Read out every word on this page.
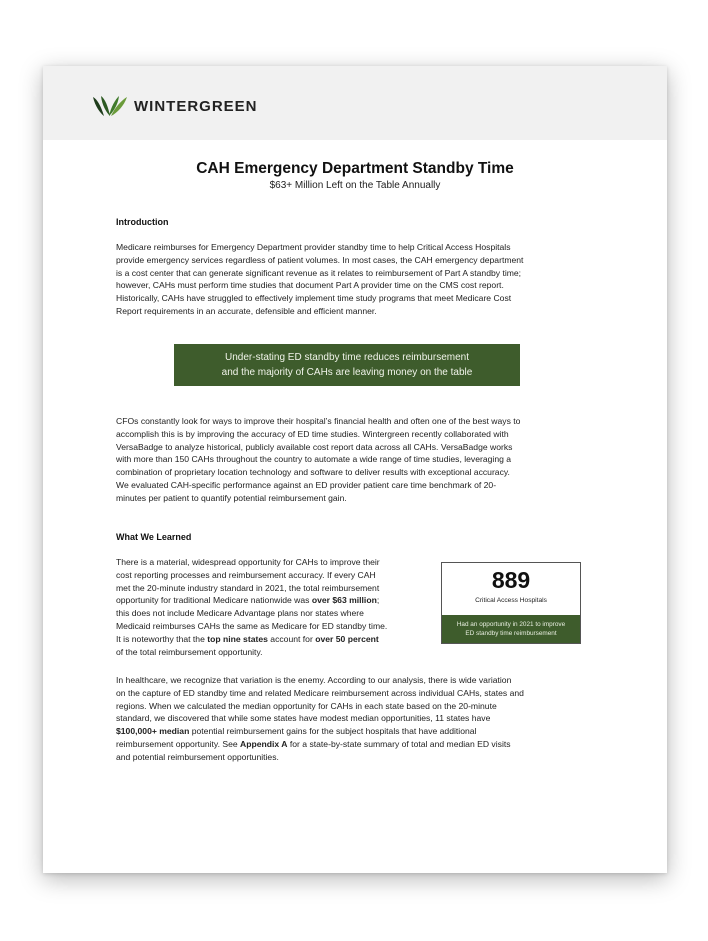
WINTERGREEN
CAH Emergency Department Standby Time
$63+ Million Left on the Table Annually
Introduction
Medicare reimburses for Emergency Department provider standby time to help Critical Access Hospitals
provide emergency services regardless of patient volumes. In most cases, the CAH emergency department
is a cost center that can generate significant revenue as it relates to reimbursement of Part A standby time;
however, CAHs must perform time studies that document Part A provider time on the CMS cost report.
Historically, CAHs have struggled to effectively implement time study programs that meet Medicare Cost
Report requirements in an accurate, defensible and efficient manner.
Under-stating ED standby time reduces reimbursement
and the majority of CAHs are leaving money on the table
CFOs constantly look for ways to improve their hospital’s financial health and often one of the best ways to
accomplish this is by improving the accuracy of ED time studies. Wintergreen recently collaborated with
VersaBadge to analyze historical, publicly available cost report data across all CAHs. VersaBadge works
with more than 150 CAHs throughout the country to automate a wide range of time studies, leveraging a
combination of proprietary location technology and software to deliver results with exceptional accuracy.
We evaluated CAH-specific performance against an ED provider patient care time benchmark of 20-
minutes per patient to quantify potential reimbursement gain.
What We Learned
There is a material, widespread opportunity for CAHs to improve their
cost reporting processes and reimbursement accuracy. If every CAH
met the 20-minute industry standard in 2021, the total reimbursement
opportunity for traditional Medicare nationwide was over $63 million;
this does not include Medicare Advantage plans nor states where
Medicaid reimburses CAHs the same as Medicare for ED standby time.
It is noteworthy that the top nine states account for over 50 percent
of the total reimbursement opportunity.
889
Critical Access Hospitals
Had an opportunity in 2021 to improve
ED standby time reimbursement
In healthcare, we recognize that variation is the enemy. According to our analysis, there is wide variation
on the capture of ED standby time and related Medicare reimbursement across individual CAHs, states and
regions. When we calculated the median opportunity for CAHs in each state based on the 20-minute
standard, we discovered that while some states have modest median opportunities, 11 states have
$100,000+ median potential reimbursement gains for the subject hospitals that have additional
reimbursement opportunity. See Appendix A for a state-by-state summary of total and median ED visits
and potential reimbursement opportunities.
